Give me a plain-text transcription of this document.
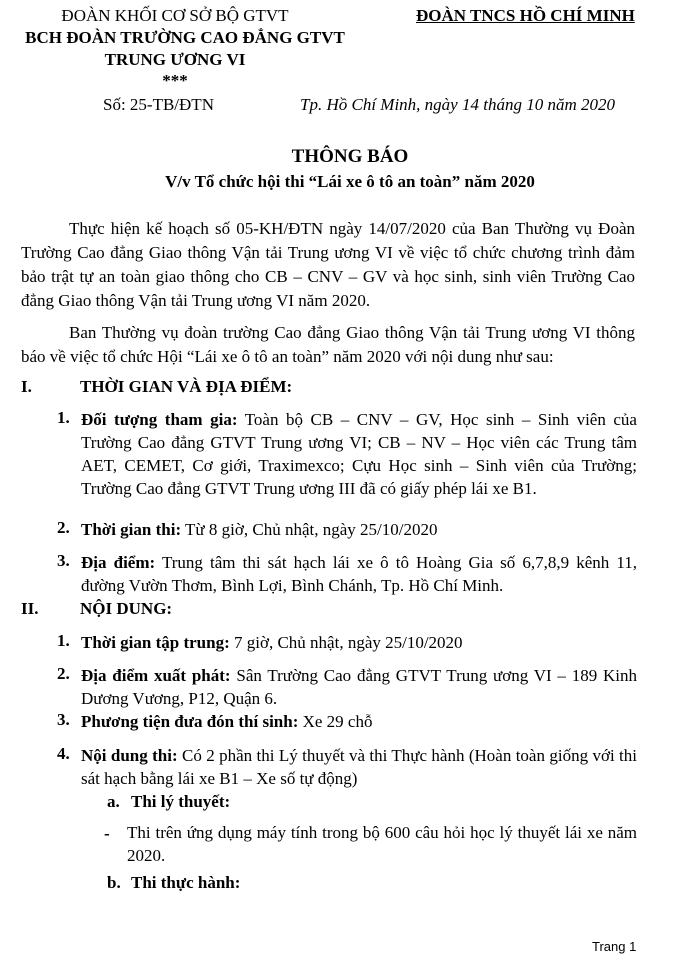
ĐOÀN KHỐI CƠ SỞ BỘ GTVT
BCH ĐOÀN TRƯỜNG CAO ĐẲNG GTVT
TRUNG ƯƠNG VI
***
Số: 25-TB/ĐTN
ĐOÀN TNCS HỒ CHÍ MINH
Tp. Hồ Chí Minh, ngày 14 tháng 10 năm 2020
THÔNG BÁO
V/v Tổ chức hội thi “Lái xe ô tô an toàn” năm 2020
Thực hiện kế hoạch số 05-KH/ĐTN ngày 14/07/2020 của Ban Thường vụ Đoàn Trường Cao đẳng Giao thông Vận tải Trung ương VI về việc tổ chức chương trình đảm bảo trật tự an toàn giao thông cho CB – CNV – GV và học sinh, sinh viên Trường Cao đẳng Giao thông Vận tải Trung ương VI năm 2020.
Ban Thường vụ đoàn trường Cao đẳng Giao thông Vận tải Trung ương VI thông báo về việc tổ chức Hội “Lái xe ô tô an toàn” năm 2020 với nội dung như sau:
I.	THỜI GIAN VÀ ĐỊA ĐIỂM:
1. Đối tượng tham gia: Toàn bộ CB – CNV – GV, Học sinh – Sinh viên của Trường Cao đẳng GTVT Trung ương VI; CB – NV – Học viên các Trung tâm AET, CEMET, Cơ giới, Traximexco; Cựu Học sinh – Sinh viên của Trường; Trường Cao đẳng GTVT Trung ương III đã có giấy phép lái xe B1.
2. Thời gian thi: Từ 8 giờ, Chủ nhật, ngày 25/10/2020
3. Địa điểm: Trung tâm thi sát hạch lái xe ô tô Hoàng Gia số 6,7,8,9 kênh 11, đường Vườn Thơm, Bình Lợi, Bình Chánh, Tp. Hồ Chí Minh.
II. NỘI DUNG:
1. Thời gian tập trung: 7 giờ, Chủ nhật, ngày 25/10/2020
2. Địa điểm xuất phát: Sân Trường Cao đẳng GTVT Trung ương VI – 189 Kinh Dương Vương, P12, Quận 6.
3. Phương tiện đưa đón thí sinh: Xe 29 chỗ
4. Nội dung thi: Có 2 phần thi Lý thuyết và thi Thực hành (Hoàn toàn giống với thi sát hạch bằng lái xe B1 – Xe số tự động)
a. Thi lý thuyết:
- Thi trên ứng dụng máy tính trong bộ 600 câu hỏi học lý thuyết lái xe năm 2020.
b. Thi thực hành:
Trang 1
